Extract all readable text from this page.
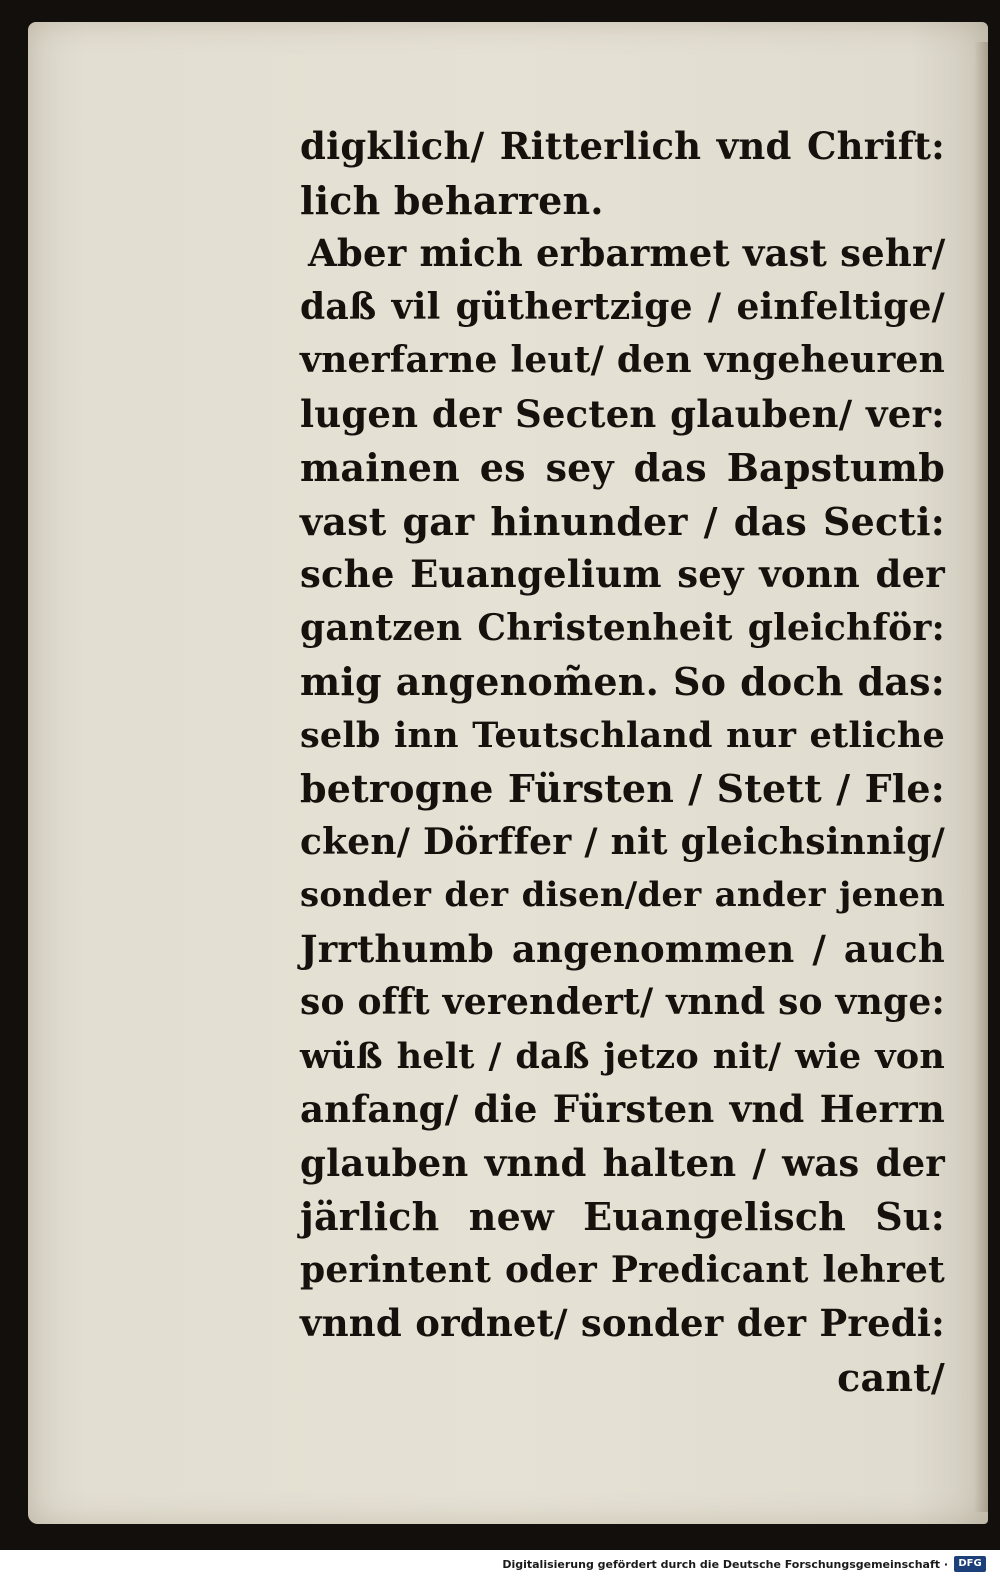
digklich/ Ritterlich vnd Chrift:
lich beharren.
Aber mich erbarmet vast sehr/
daß vil güthertzige / einfeltige/
vnerfarne leut/ den vngeheuren
lugen der Secten glauben/ ver:
mainen es sey das Bapstumb
vast gar hinunder / das Secti:
sche Euangelium sey vonn der
gantzen Christenheit gleichför:
mig angenom̃en. So doch das:
selb inn Teutschland nur etliche
betrogne Fürsten / Stett / Fle:
cken/ Dörffer / nit gleichsinnig/
sonder der disen/der ander jenen
Jrrthumb angenommen / auch
so offt verendert/ vnnd so vnge:
wüß helt / daß jetzo nit/ wie von
anfang/ die Fürsten vnd Herrn
glauben vnnd halten / was der
järlich new Euangelisch Su:
perintent oder Predicant lehret
vnnd ordnet/ sonder der Predi:
cant/
Digitalisierung gefördert durch die Deutsche Forschungsgemeinschaft ·	DFG
